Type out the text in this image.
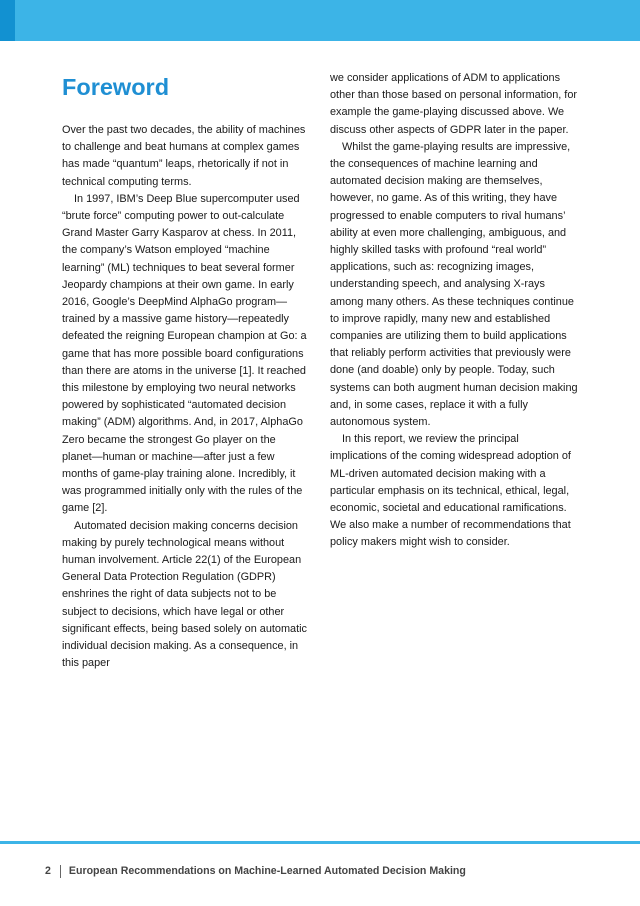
Foreword

Over the past two decades, the ability of machines to challenge and beat humans at complex games has made “quantum” leaps, rhetorically if not in technical computing terms.

In 1997, IBM’s Deep Blue supercomputer used “brute force” computing power to out-calculate Grand Master Garry Kasparov at chess. In 2011, the company’s Watson employed “machine learning” (ML) techniques to beat several former Jeopardy champions at their own game. In early 2016, Google’s DeepMind AlphaGo program—trained by a massive game history—repeatedly defeated the reigning European champion at Go: a game that has more possible board configurations than there are atoms in the universe [1]. It reached this milestone by employing two neural networks powered by sophisticated “automated decision making” (ADM) algorithms. And, in 2017, AlphaGo Zero became the strongest Go player on the planet—human or machine—after just a few months of game-play training alone. Incredibly, it was programmed initially only with the rules of the game [2].

Automated decision making concerns decision making by purely technological means without human involvement. Article 22(1) of the European General Data Protection Regulation (GDPR) enshrines the right of data subjects not to be subject to decisions, which have legal or other significant effects, being based solely on automatic individual decision making. As a consequence, in this paper

we consider applications of ADM to applications other than those based on personal information, for example the game-playing discussed above. We discuss other aspects of GDPR later in the paper.

Whilst the game-playing results are impressive, the consequences of machine learning and automated decision making are themselves, however, no game. As of this writing, they have progressed to enable computers to rival humans’ ability at even more challenging, ambiguous, and highly skilled tasks with profound “real world” applications, such as: recognizing images, understanding speech, and analysing X-rays among many others. As these techniques continue to improve rapidly, many new and established companies are utilizing them to build applications that reliably perform activities that previously were done (and doable) only by people. Today, such systems can both augment human decision making and, in some cases, replace it with a fully autonomous system.

In this report, we review the principal implications of the coming widespread adoption of ML-driven automated decision making with a particular emphasis on its technical, ethical, legal, economic, societal and educational ramifications. We also make a number of recommendations that policy makers might wish to consider.

2 European Recommendations on Machine-Learned Automated Decision Making
